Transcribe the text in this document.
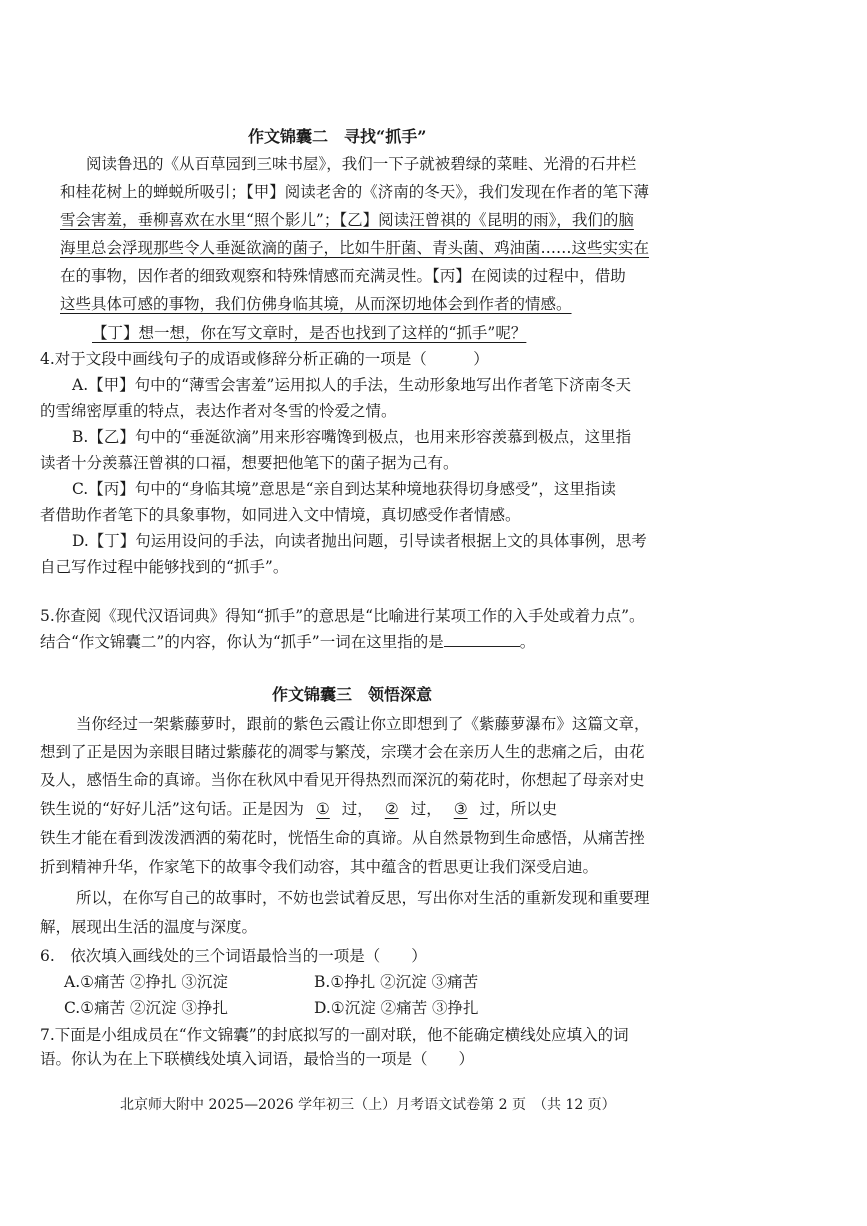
作文锦囊二　寻找“抓手”
阅读鲁迅的《从百草园到三味书屋》，我们一下子就被碧绿的菜畦、光滑的石井栏
和桂花树上的蝉蜕所吸引；【甲】阅读老舍的《济南的冬天》，我们发现在作者的笔下薄
雪会害羞，垂柳喜欢在水里“照个影儿”；【乙】阅读汪曾祺的《昆明的雨》，我们的脑
海里总会浮现那些令人垂涎欲滴的菌子，比如牛肝菌、青头菌、鸡油菌……这些实实在
在的事物，因作者的细致观察和特殊情感而充满灵性。【丙】在阅读的过程中，借助
这些具体可感的事物，我们仿佛身临其境，从而深切地体会到作者的情感。
【丁】想一想，你在写文章时，是否也找到了这样的“抓手”呢？
4.对于文段中画线句子的成语或修辞分析正确的一项是（　　　）
A.【甲】句中的“薄雪会害羞”运用拟人的手法，生动形象地写出作者笔下济南冬天
的雪绵密厚重的特点，表达作者对冬雪的怜爱之情。
B.【乙】句中的“垂涎欲滴”用来形容嘴馋到极点，也用来形容羡慕到极点，这里指
读者十分羡慕汪曾祺的口福，想要把他笔下的菌子据为己有。
C.【丙】句中的“身临其境”意思是“亲自到达某种境地获得切身感受”，这里指读
者借助作者笔下的具象事物，如同进入文中情境，真切感受作者情感。
D.【丁】句运用设问的手法，向读者抛出问题，引导读者根据上文的具体事例，思考
自己写作过程中能够找到的“抓手”。
5.你查阅《现代汉语词典》得知“抓手”的意思是“比喻进行某项工作的入手处或着力点”。
结合“作文锦囊二”的内容，你认为“抓手”一词在这里指的是	。
作文锦囊三　领悟深意
当你经过一架紫藤萝时，跟前的紫色云霞让你立即想到了《紫藤萝瀑布》这篇文章，
想到了正是因为亲眼目睹过紫藤花的凋零与繁茂，宗璞才会在亲历人生的悲痛之后，由花
及人，感悟生命的真谛。当你在秋风中看见开得热烈而深沉的菊花时，你想起了母亲对史
铁生说的“好好儿活”这句话。正是因为 ① 过， ② 过， ③ 过，所以史
铁生才能在看到泼泼洒洒的菊花时，恍悟生命的真谛。从自然景物到生命感悟，从痛苦挫
折到精神升华，作家笔下的故事令我们动容，其中蕴含的哲思更让我们深受启迪。
所以，在你写自己的故事时，不妨也尝试着反思，写出你对生活的重新发现和重要理
解，展现出生活的温度与深度。
6.　依次填入画线处的三个词语最恰当的一项是（　　）
A.①痛苦 ②挣扎 ③沉淀	B.①挣扎 ②沉淀 ③痛苦
C.①痛苦 ②沉淀 ③挣扎	D.①沉淀 ②痛苦 ③挣扎
7.下面是小组成员在“作文锦囊”的封底拟写的一副对联，他不能确定横线处应填入的词
语。你认为在上下联横线处填入词语，最恰当的一项是（　　）
北京师大附中 2025—2026 学年初三（上）月考语文试卷第 2 页　（共 12 页）
